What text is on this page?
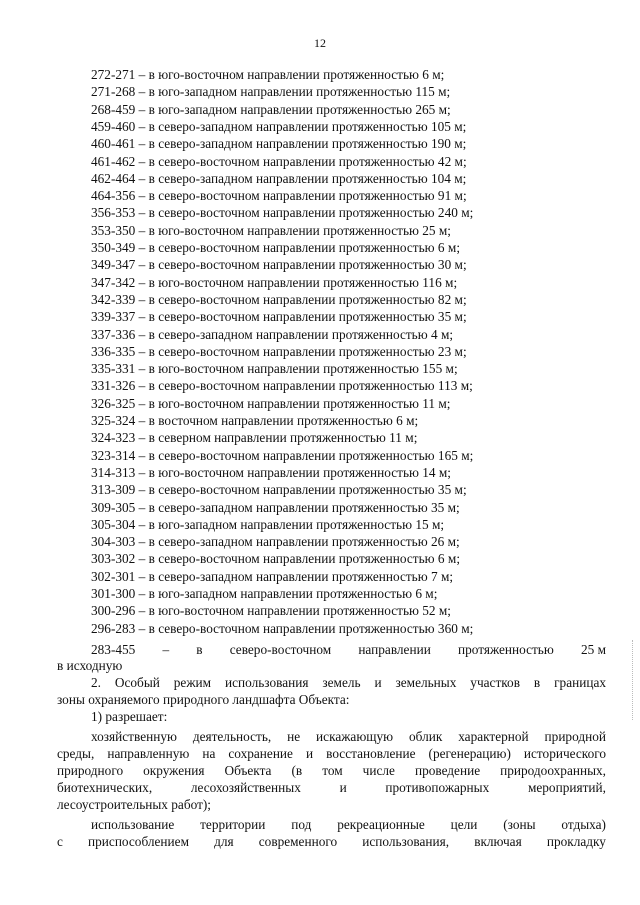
12
272-271 – в юго-восточном направлении протяженностью 6 м;
271-268 – в юго-западном направлении протяженностью 115 м;
268-459 – в юго-западном направлении протяженностью 265 м;
459-460 – в северо-западном направлении протяженностью 105 м;
460-461 – в северо-западном направлении протяженностью 190 м;
461-462 – в северо-восточном направлении протяженностью 42 м;
462-464 – в северо-западном направлении протяженностью 104 м;
464-356 – в северо-восточном направлении протяженностью 91 м;
356-353 – в северо-восточном направлении протяженностью 240 м;
353-350 – в юго-восточном направлении протяженностью 25 м;
350-349 – в северо-восточном направлении протяженностью 6 м;
349-347 – в северо-восточном направлении протяженностью 30 м;
347-342 – в юго-восточном направлении протяженностью 116 м;
342-339 – в северо-восточном направлении протяженностью 82 м;
339-337 – в северо-восточном направлении протяженностью 35 м;
337-336 – в северо-западном направлении протяженностью 4 м;
336-335 – в северо-восточном направлении протяженностью 23 м;
335-331 – в юго-восточном направлении протяженностью 155 м;
331-326 – в северо-восточном направлении протяженностью 113 м;
326-325 – в юго-восточном направлении протяженностью 11 м;
325-324 – в восточном направлении протяженностью 6 м;
324-323 – в северном направлении протяженностью 11 м;
323-314 – в северо-восточном направлении протяженностью 165 м;
314-313 – в юго-восточном направлении протяженностью 14 м;
313-309 – в северо-восточном направлении протяженностью 35 м;
309-305 – в северо-западном направлении протяженностью 35 м;
305-304 – в юго-западном направлении протяженностью 15 м;
304-303 – в северо-западном направлении протяженностью 26 м;
303-302 – в северо-восточном направлении протяженностью 6 м;
302-301 – в северо-западном направлении протяженностью 7 м;
301-300 – в юго-западном направлении протяженностью 6 м;
300-296 – в юго-восточном направлении протяженностью 52 м;
296-283 – в северо-восточном направлении протяженностью 360 м;
283-455 – в северо-восточном направлении протяженностью 25 м
в исходную
2. Особый режим использования земель и земельных участков в границах
зоны охраняемого природного ландшафта Объекта:
1) разрешает:
хозяйственную деятельность, не искажающую облик характерной природной
среды, направленную на сохранение и восстановление (регенерацию) исторического
природного окружения Объекта (в том числе проведение природоохранных,
биотехнических,	лесохозяйственных	и	противопожарных	мероприятий,
лесоустроительных работ);
использование территории под рекреационные цели (зоны отдыха)
с приспособлением для современного использования, включая прокладку
